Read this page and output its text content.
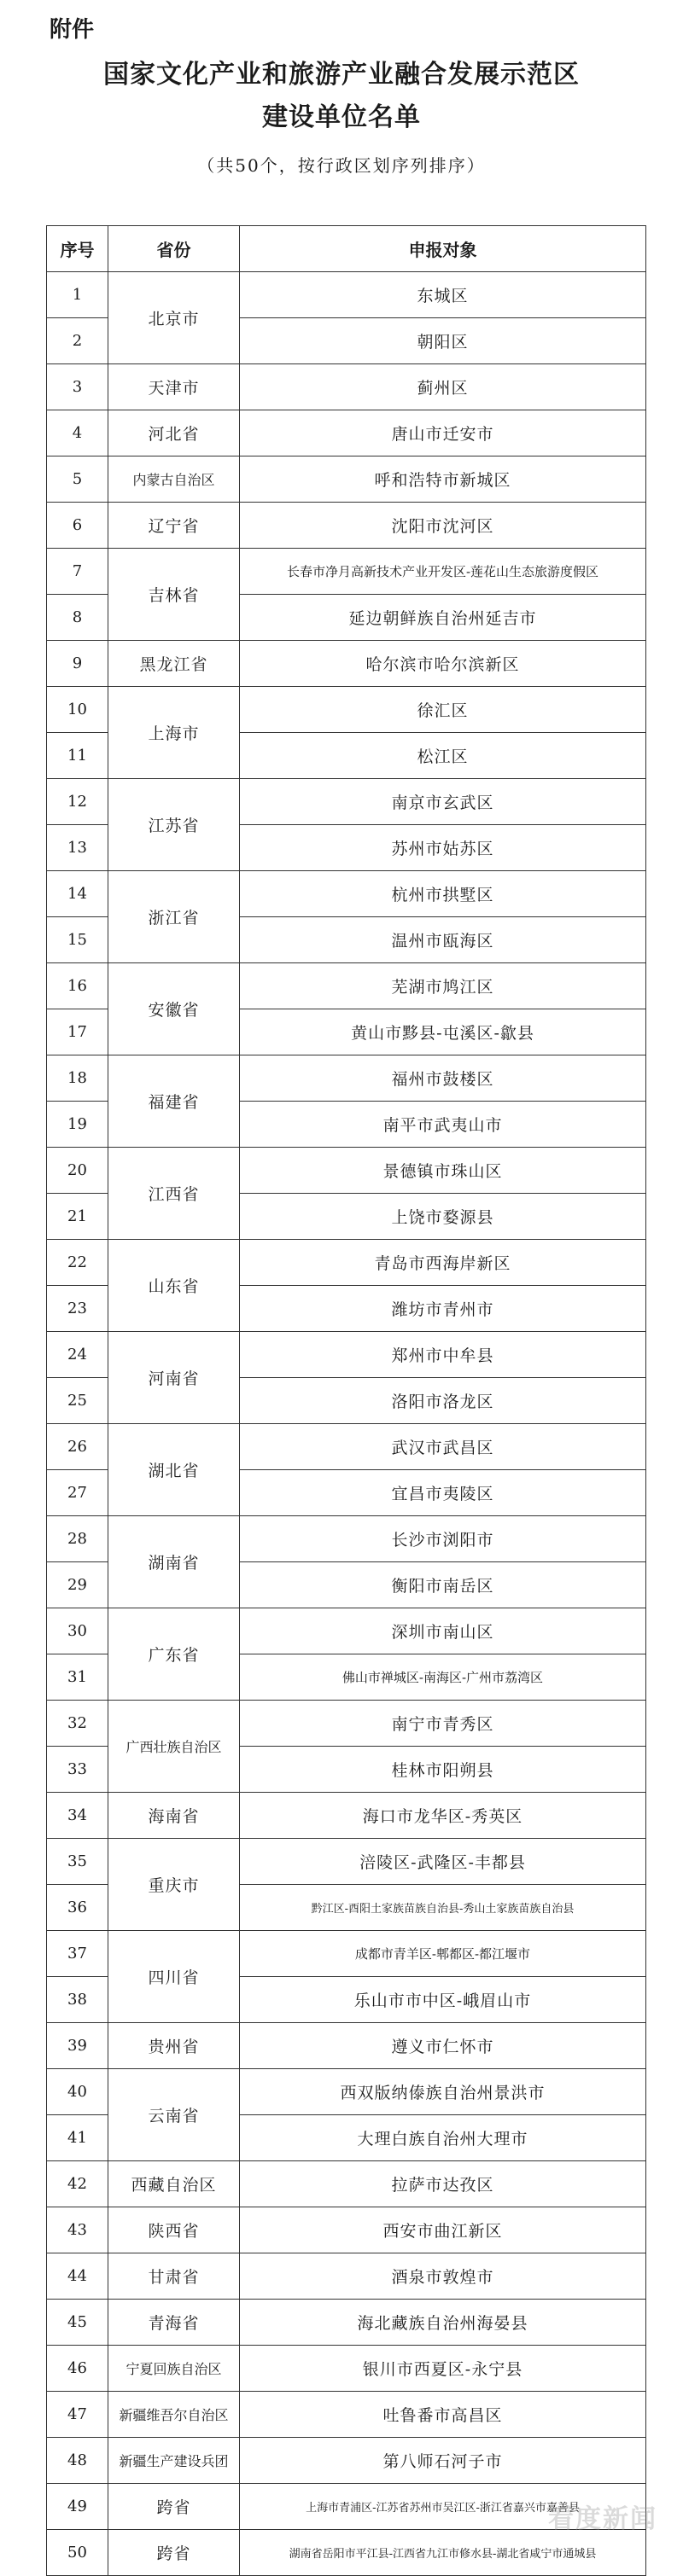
附件
国家文化产业和旅游产业融合发展示范区
建设单位名单
（共50个，按行政区划序列排序）
序号	省份	申报对象
1	北京市	东城区
2		朝阳区
3	天津市	蓟州区
4	河北省	唐山市迁安市
5	内蒙古自治区	呼和浩特市新城区
6	辽宁省	沈阳市沈河区
7	吉林省	长春市净月高新技术产业开发区-莲花山生态旅游度假区
8		延边朝鲜族自治州延吉市
9	黑龙江省	哈尔滨市哈尔滨新区
10	上海市	徐汇区
11		松江区
12	江苏省	南京市玄武区
13		苏州市姑苏区
14	浙江省	杭州市拱墅区
15		温州市瓯海区
16	安徽省	芜湖市鸠江区
17		黄山市黟县-屯溪区-歙县
18	福建省	福州市鼓楼区
19		南平市武夷山市
20	江西省	景德镇市珠山区
21		上饶市婺源县
22	山东省	青岛市西海岸新区
23		潍坊市青州市
24	河南省	郑州市中牟县
25		洛阳市洛龙区
26	湖北省	武汉市武昌区
27		宜昌市夷陵区
28	湖南省	长沙市浏阳市
29		衡阳市南岳区
30	广东省	深圳市南山区
31		佛山市禅城区-南海区-广州市荔湾区
32	广西壮族自治区	南宁市青秀区
33		桂林市阳朔县
34	海南省	海口市龙华区-秀英区
35	重庆市	涪陵区-武隆区-丰都县
36		黔江区-酉阳土家族苗族自治县-秀山土家族苗族自治县
37	四川省	成都市青羊区-郫都区-都江堰市
38		乐山市市中区-峨眉山市
39	贵州省	遵义市仁怀市
40	云南省	西双版纳傣族自治州景洪市
41		大理白族自治州大理市
42	西藏自治区	拉萨市达孜区
43	陕西省	西安市曲江新区
44	甘肃省	酒泉市敦煌市
45	青海省	海北藏族自治州海晏县
46	宁夏回族自治区	银川市西夏区-永宁县
47	新疆维吾尔自治区	吐鲁番市高昌区
48	新疆生产建设兵团	第八师石河子市
49	跨省	上海市青浦区-江苏省苏州市吴江区-浙江省嘉兴市嘉善县
50	跨省	湖南省岳阳市平江县-江西省九江市修水县-湖北省咸宁市通城县
看度新闻
